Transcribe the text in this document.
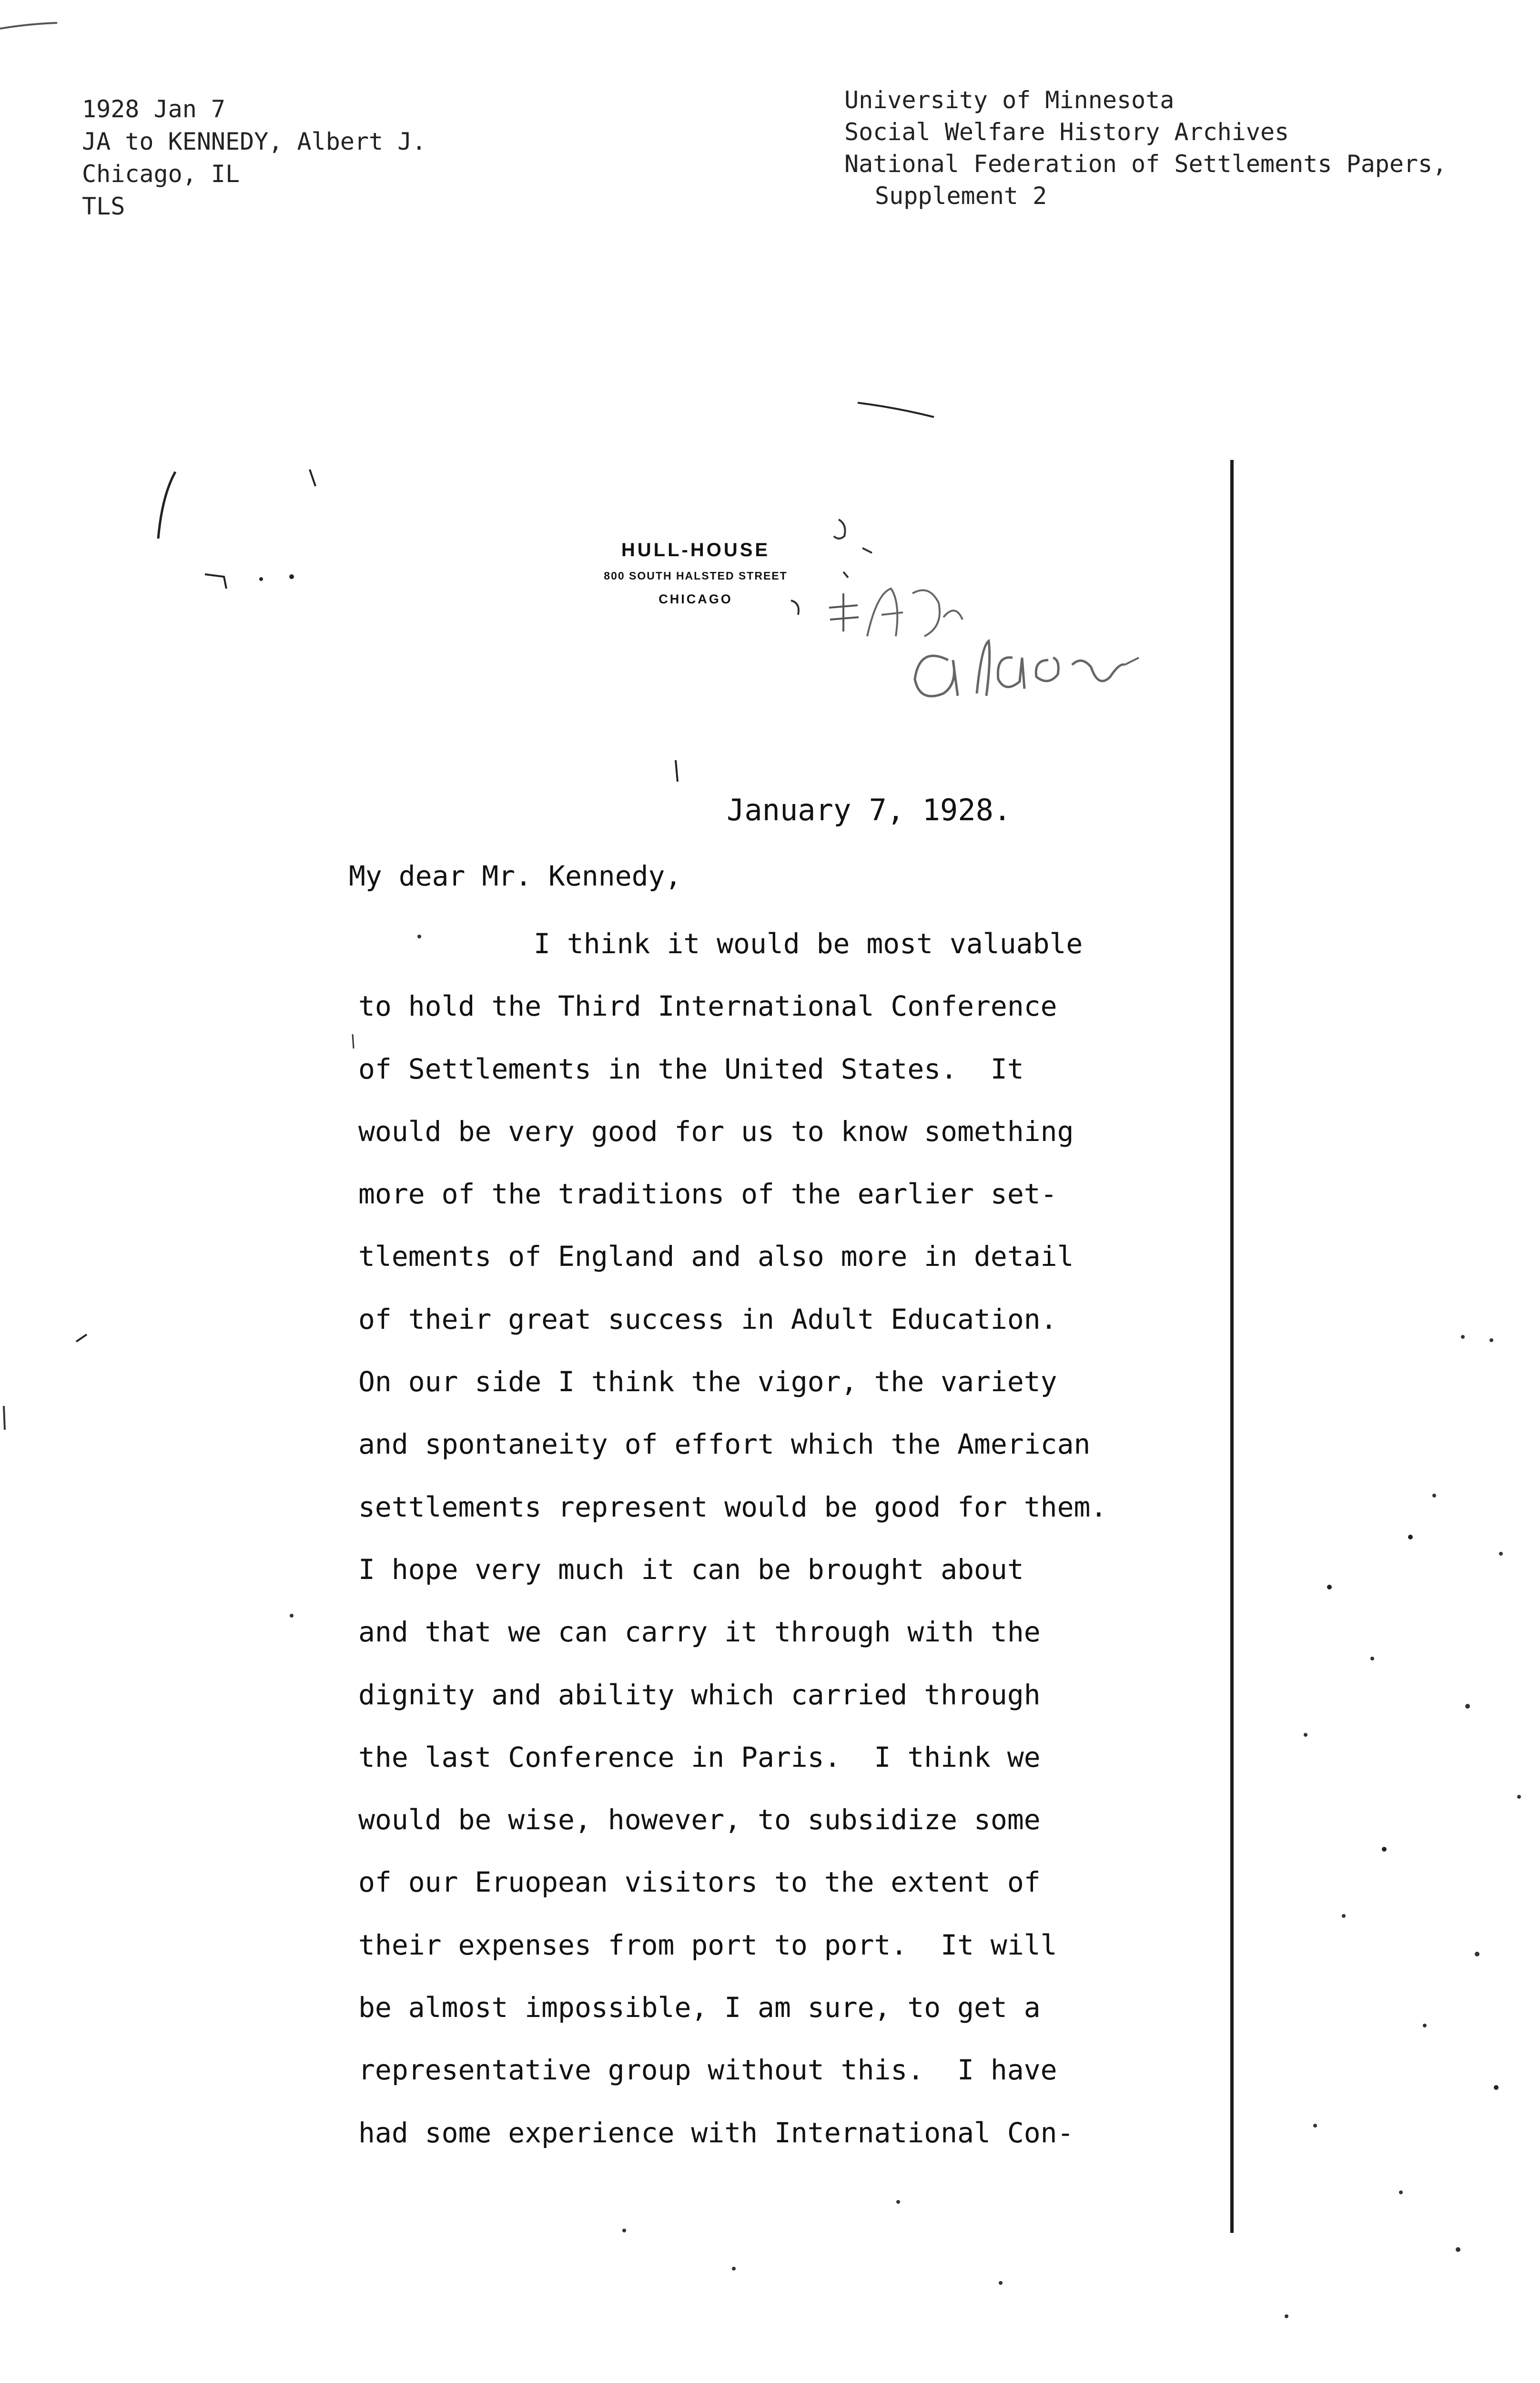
1928 Jan 7
JA to KENNEDY, Albert J.
Chicago, IL
TLS
University of Minnesota
Social Welfare History Archives
National Federation of Settlements Papers,
Supplement 2
HULL-HOUSE
800 SOUTH HALSTED STREET
CHICAGO
January 7, 1928.
My dear Mr. Kennedy,
I think it would be most valuable
to hold the Third International Conference
of Settlements in the United States.  It
would be very good for us to know something
more of the traditions of the earlier set-
tlements of England and also more in detail
of their great success in Adult Education.
On our side I think the vigor, the variety
and spontaneity of effort which the American
settlements represent would be good for them.
I hope very much it can be brought about
and that we can carry it through with the
dignity and ability which carried through
the last Conference in Paris.  I think we
would be wise, however, to subsidize some
of our Eruopean visitors to the extent of
their expenses from port to port.  It will
be almost impossible, I am sure, to get a
representative group without this.  I have
had some experience with International Con-
